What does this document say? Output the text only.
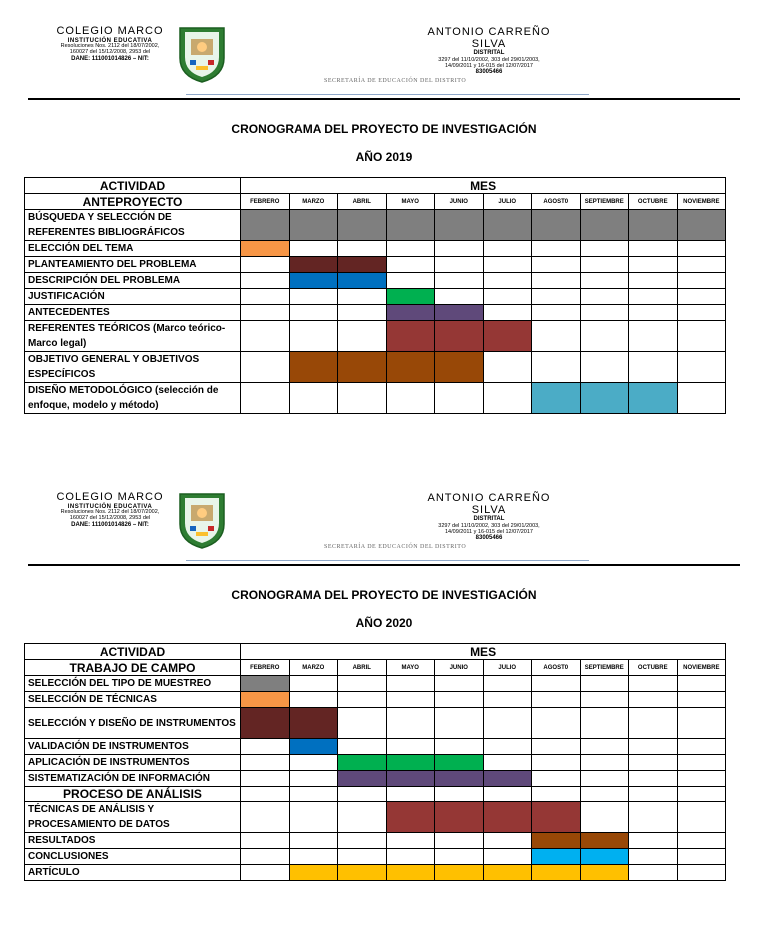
COLEGIO MARCO
INSTITUCIÓN EDUCATIVA
Resoluciones Nos. 2112 del 18/07/2002,
160027 del 15/12/2008, 2953 del
DANE: 111001014826 – NIT:
ANTONIO CARREÑO SILVA
DISTRITAL
3297 del 11/10/2002, 303 del 29/01/2003,
14/09/2011 y 16-015 del 12/07/2017
83005466
SECRETARÍA DE EDUCACIÓN DEL DISTRITO
CRONOGRAMA DEL PROYECTO DE INVESTIGACIÓN
AÑO 2019
ACTIVIDAD	MES									
ANTEPROYECTO	FEBRERO	MARZO	ABRIL	MAYO	JUNIO	JULIO	AGOST0	SEPTIEMBRE	OCTUBRE	NOVIEMBRE
BÚSQUEDA Y SELECCIÓN DE REFERENTES BIBLIOGRÁFICOS										
ELECCIÓN DEL TEMA										
PLANTEAMIENTO DEL PROBLEMA										
DESCRIPCIÓN DEL PROBLEMA										
JUSTIFICACIÓN										
ANTECEDENTES										
REFERENTES TEÓRICOS (Marco teórico-Marco legal)										
OBJETIVO GENERAL Y OBJETIVOS ESPECÍFICOS										
DISEÑO METODOLÓGICO (selección de enfoque, modelo y método)										
COLEGIO MARCO
INSTITUCIÓN EDUCATIVA
Resoluciones Nos. 2112 del 18/07/2002,
160027 del 15/12/2008, 2953 del
DANE: 111001014826 – NIT:
ANTONIO CARREÑO SILVA
DISTRITAL
3297 del 11/10/2002, 303 del 29/01/2003,
14/09/2011 y 16-015 del 12/07/2017
83005466
SECRETARÍA DE EDUCACIÓN DEL DISTRITO
CRONOGRAMA DEL PROYECTO DE INVESTIGACIÓN
AÑO 2020
ACTIVIDAD	MES									
TRABAJO DE CAMPO	FEBRERO	MARZO	ABRIL	MAYO	JUNIO	JULIO	AGOST0	SEPTIEMBRE	OCTUBRE	NOVIEMBRE
SELECCIÓN DEL TIPO DE MUESTREO										
SELECCIÓN DE TÉCNICAS										
SELECCIÓN Y DISEÑO DE INSTRUMENTOS										
VALIDACIÓN DE INSTRUMENTOS										
APLICACIÓN DE INSTRUMENTOS										
SISTEMATIZACIÓN DE INFORMACIÓN										
PROCESO DE ANÁLISIS										
TÉCNICAS DE ANÁLISIS Y PROCESAMIENTO DE DATOS										
RESULTADOS										
CONCLUSIONES										
ARTÍCULO										
